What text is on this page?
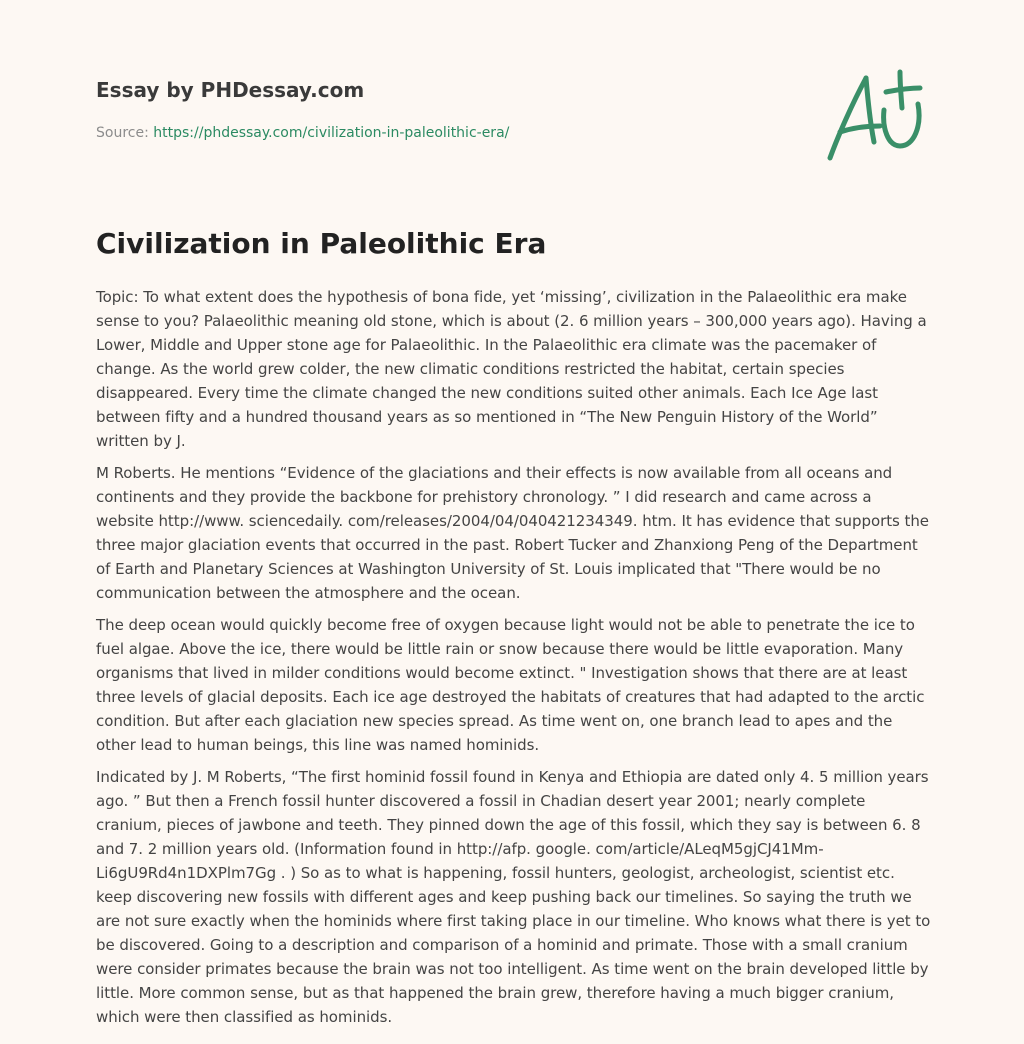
Essay by PHDessay.com
Source: https://phdessay.com/civilization-in-paleolithic-era/
Civilization in Paleolithic Era

Topic: To what extent does the hypothesis of bona fide, yet ‘missing’, civilization in the Palaeolithic era make sense to you? Palaeolithic meaning old stone, which is about (2. 6 million years – 300,000 years ago). Having a Lower, Middle and Upper stone age for Palaeolithic. In the Palaeolithic era climate was the pacemaker of change. As the world grew colder, the new climatic conditions restricted the habitat, certain species disappeared. Every time the climate changed the new conditions suited other animals. Each Ice Age last between fifty and a hundred thousand years as so mentioned in “The New Penguin History of the World” written by J.

M Roberts. He mentions “Evidence of the glaciations and their effects is now available from all oceans and continents and they provide the backbone for prehistory chronology. ” I did research and came across a website http://www. sciencedaily. com/releases/2004/04/040421234349. htm. It has evidence that supports the three major glaciation events that occurred in the past. Robert Tucker and Zhanxiong Peng of the Department of Earth and Planetary Sciences at Washington University of St. Louis implicated that "There would be no communication between the atmosphere and the ocean.

The deep ocean would quickly become free of oxygen because light would not be able to penetrate the ice to fuel algae. Above the ice, there would be little rain or snow because there would be little evaporation. Many organisms that lived in milder conditions would become extinct. " Investigation shows that there are at least three levels of glacial deposits. Each ice age destroyed the habitats of creatures that had adapted to the arctic condition. But after each glaciation new species spread. As time went on, one branch lead to apes and the other lead to human beings, this line was named hominids.

Indicated by J. M Roberts, “The first hominid fossil found in Kenya and Ethiopia are dated only 4. 5 million years ago. ” But then a French fossil hunter discovered a fossil in Chadian desert year 2001; nearly complete cranium, pieces of jawbone and teeth. They pinned down the age of this fossil, which they say is between 6. 8 and 7. 2 million years old. (Information found in http://afp. google. com/article/ALeqM5gjCJ41Mm-Li6gU9Rd4n1DXPlm7Gg . ) So as to what is happening, fossil hunters, geologist, archeologist, scientist etc. keep discovering new fossils with different ages and keep pushing back our timelines. So saying the truth we are not sure exactly when the hominids where first taking place in our timeline. Who knows what there is yet to be discovered. Going to a description and comparison of a hominid and primate. Those with a small cranium were consider primates because the brain was not too intelligent. As time went on the brain developed little by little. More common sense, but as that happened the brain grew, therefore having a much bigger cranium, which were then classified as hominids.
